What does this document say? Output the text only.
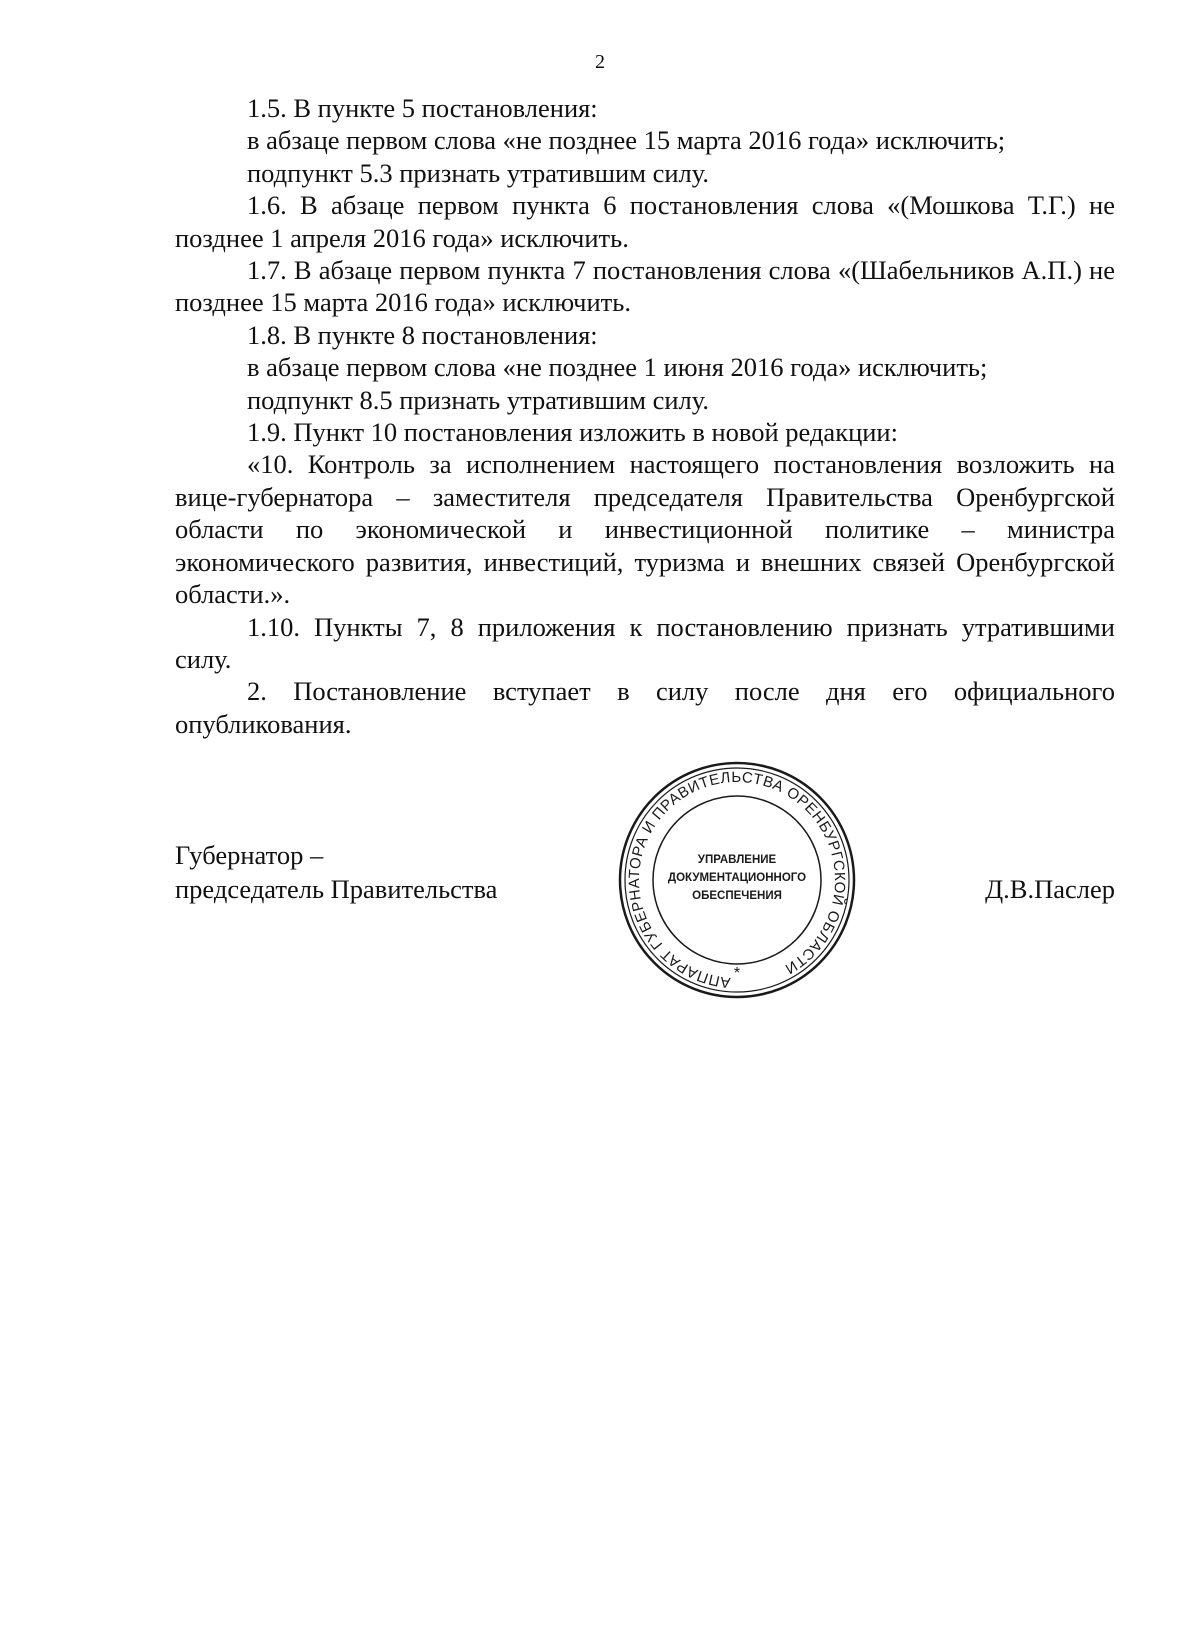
2

1.5. В пункте 5 постановления:

в абзаце первом слова «не позднее 15 марта 2016 года» исключить;

подпункт 5.3 признать утратившим силу.

1.6. В абзаце первом пункта 6 постановления слова «(Мошкова Т.Г.) не позднее 1 апреля 2016 года» исключить.

1.7. В абзаце первом пункта 7 постановления слова «(Шабельников А.П.) не позднее 15 марта 2016 года» исключить.

1.8. В пункте 8 постановления:

в абзаце первом слова «не позднее 1 июня 2016 года» исключить;

подпункт 8.5 признать утратившим силу.

1.9. Пункт 10 постановления изложить в новой редакции:

«10. Контроль за исполнением настоящего постановления возложить на вице-губернатора – заместителя председателя Правительства Оренбургской области по экономической и инвестиционной политике – министра экономического развития, инвестиций, туризма и внешних связей Оренбургской области.».

1.10. Пункты 7, 8 приложения к постановлению признать утратившими силу.

2. Постановление вступает в силу после дня его официального опубликования.

Губернатор –
председатель Правительства	Д.В.Паслер
АППАРАТ ГУБЕРНАТОРА И ПРАВИТЕЛЬСТВА ОРЕНБУРГСКОЙ ОБЛАСТИ
*
УПРАВЛЕНИЕ
ДОКУМЕНТАЦИОННОГО
ОБЕСПЕЧЕНИЯ
